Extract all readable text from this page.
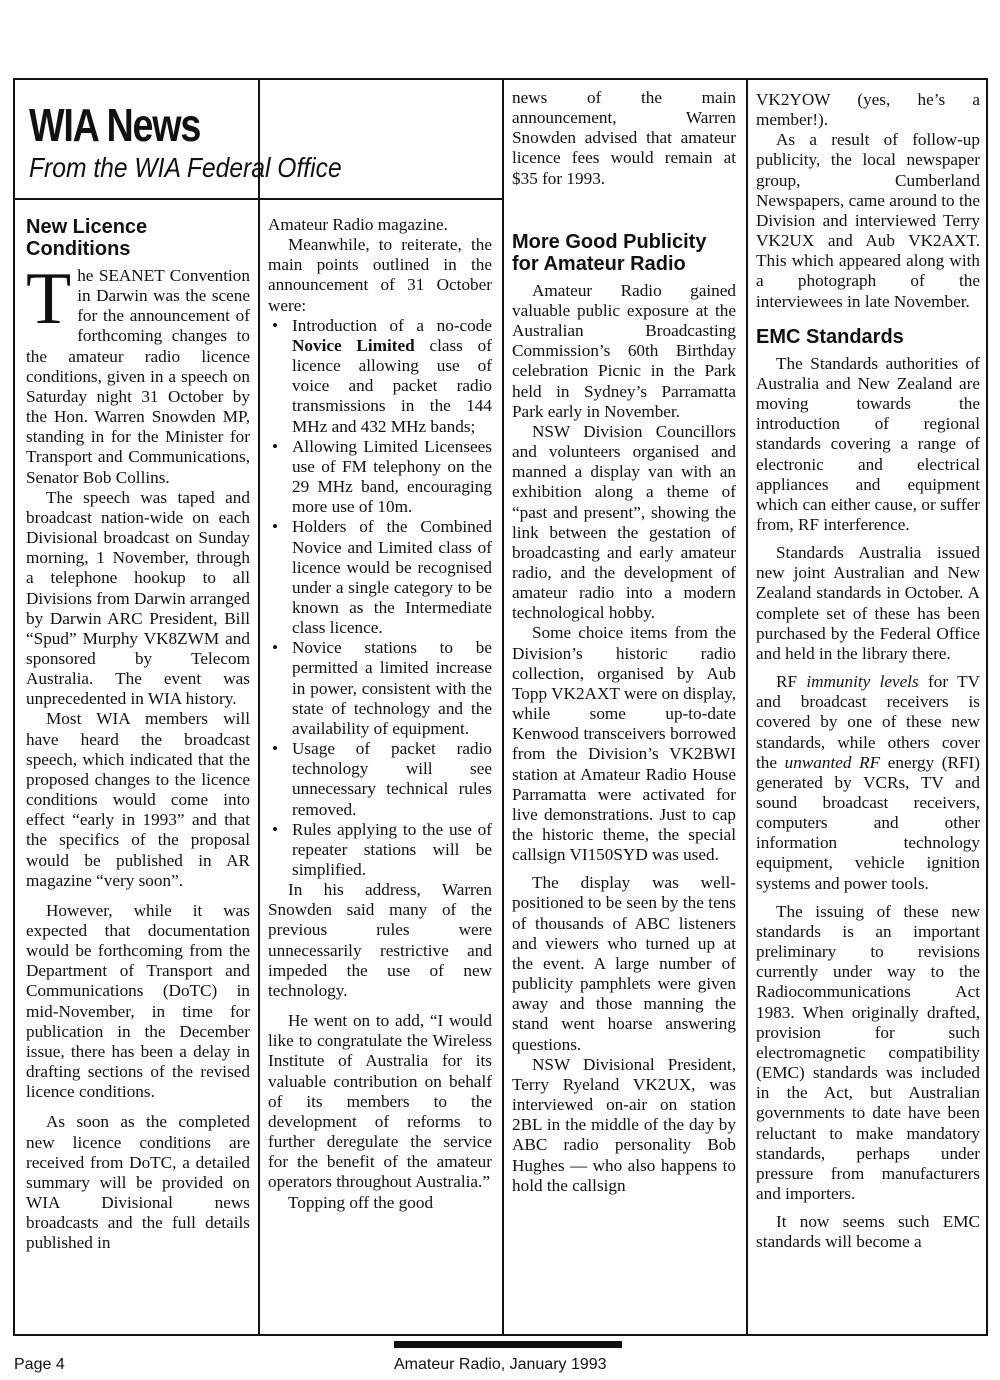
WIA News
From the WIA Federal Office
New Licence Conditions

The SEANET Convention in Darwin was the scene for the announcement of forthcoming changes to the amateur radio licence conditions, given in a speech on Saturday night 31 October by the Hon. Warren Snowden MP, standing in for the Minister for Transport and Communications, Senator Bob Collins.

The speech was taped and broadcast nation-wide on each Divisional broadcast on Sunday morning, 1 November, through a telephone hookup to all Divisions from Darwin arranged by Darwin ARC President, Bill “Spud” Murphy VK8ZWM and sponsored by Telecom Australia. The event was unprecedented in WIA history.

Most WIA members will have heard the broadcast speech, which indicated that the proposed changes to the licence conditions would come into effect “early in 1993” and that the specifics of the proposal would be published in AR magazine “very soon”.

However, while it was expected that documentation would be forthcoming from the Department of Transport and Communications (DoTC) in mid-November, in time for publication in the December issue, there has been a delay in drafting sections of the revised licence conditions.

As soon as the completed new licence conditions are received from DoTC, a detailed summary will be provided on WIA Divisional news broadcasts and the full details published in

Amateur Radio magazine.

Meanwhile, to reiterate, the main points outlined in the announcement of 31 October were:

• Introduction of a no-code Novice Limited class of licence allowing use of voice and packet radio transmissions in the 144 MHz and 432 MHz bands;
• Allowing Limited Licensees use of FM telephony on the 29 MHz band, encouraging more use of 10m.
• Holders of the Combined Novice and Limited class of licence would be recognised under a single category to be known as the Intermediate class licence.
• Novice stations to be permitted a limited increase in power, consistent with the state of technology and the availability of equipment.
• Usage of packet radio technology will see unnecessary technical rules removed.
• Rules applying to the use of repeater stations will be simplified.

In his address, Warren Snowden said many of the previous rules were unnecessarily restrictive and impeded the use of new technology.

He went on to add, “I would like to congratulate the Wireless Institute of Australia for its valuable contribution on behalf of its members to the development of reforms to further deregulate the service for the benefit of the amateur operators throughout Australia.”

Topping off the good

news of the main announcement, Warren Snowden advised that amateur licence fees would remain at $35 for 1993.

More Good Publicity for Amateur Radio

Amateur Radio gained valuable public exposure at the Australian Broadcasting Commission’s 60th Birthday celebration Picnic in the Park held in Sydney’s Parramatta Park early in November.

NSW Division Councillors and volunteers organised and manned a display van with an exhibition along a theme of “past and present”, showing the link between the gestation of broadcasting and early amateur radio, and the development of amateur radio into a modern technological hobby.

Some choice items from the Division’s historic radio collection, organised by Aub Topp VK2AXT were on display, while some up-to-date Kenwood transceivers borrowed from the Division’s VK2BWI station at Amateur Radio House Parramatta were activated for live demonstrations. Just to cap the historic theme, the special callsign VI150SYD was used.

The display was well-positioned to be seen by the tens of thousands of ABC listeners and viewers who turned up at the event. A large number of publicity pamphlets were given away and those manning the stand went hoarse answering questions.

NSW Divisional President, Terry Ryeland VK2UX, was interviewed on-air on station 2BL in the middle of the day by ABC radio personality Bob Hughes — who also happens to hold the callsign

VK2YOW (yes, he’s a member!).

As a result of follow-up publicity, the local newspaper group, Cumberland Newspapers, came around to the Division and interviewed Terry VK2UX and Aub VK2AXT. This which appeared along with a photograph of the interviewees in late November.

EMC Standards

The Standards authorities of Australia and New Zealand are moving towards the introduction of regional standards covering a range of electronic and electrical appliances and equipment which can either cause, or suffer from, RF interference.

Standards Australia issued new joint Australian and New Zealand standards in October. A complete set of these has been purchased by the Federal Office and held in the library there.

RF immunity levels for TV and broadcast receivers is covered by one of these new standards, while others cover the unwanted RF energy (RFI) generated by VCRs, TV and sound broadcast receivers, computers and other information technology equipment, vehicle ignition systems and power tools.

The issuing of these new standards is an important preliminary to revisions currently under way to the Radiocommunications Act 1983. When originally drafted, provision for such electromagnetic compatibility (EMC) standards was included in the Act, but Australian governments to date have been reluctant to make mandatory standards, perhaps under pressure from manufacturers and importers.

It now seems such EMC standards will become a

Page 4	Amateur Radio, January 1993
